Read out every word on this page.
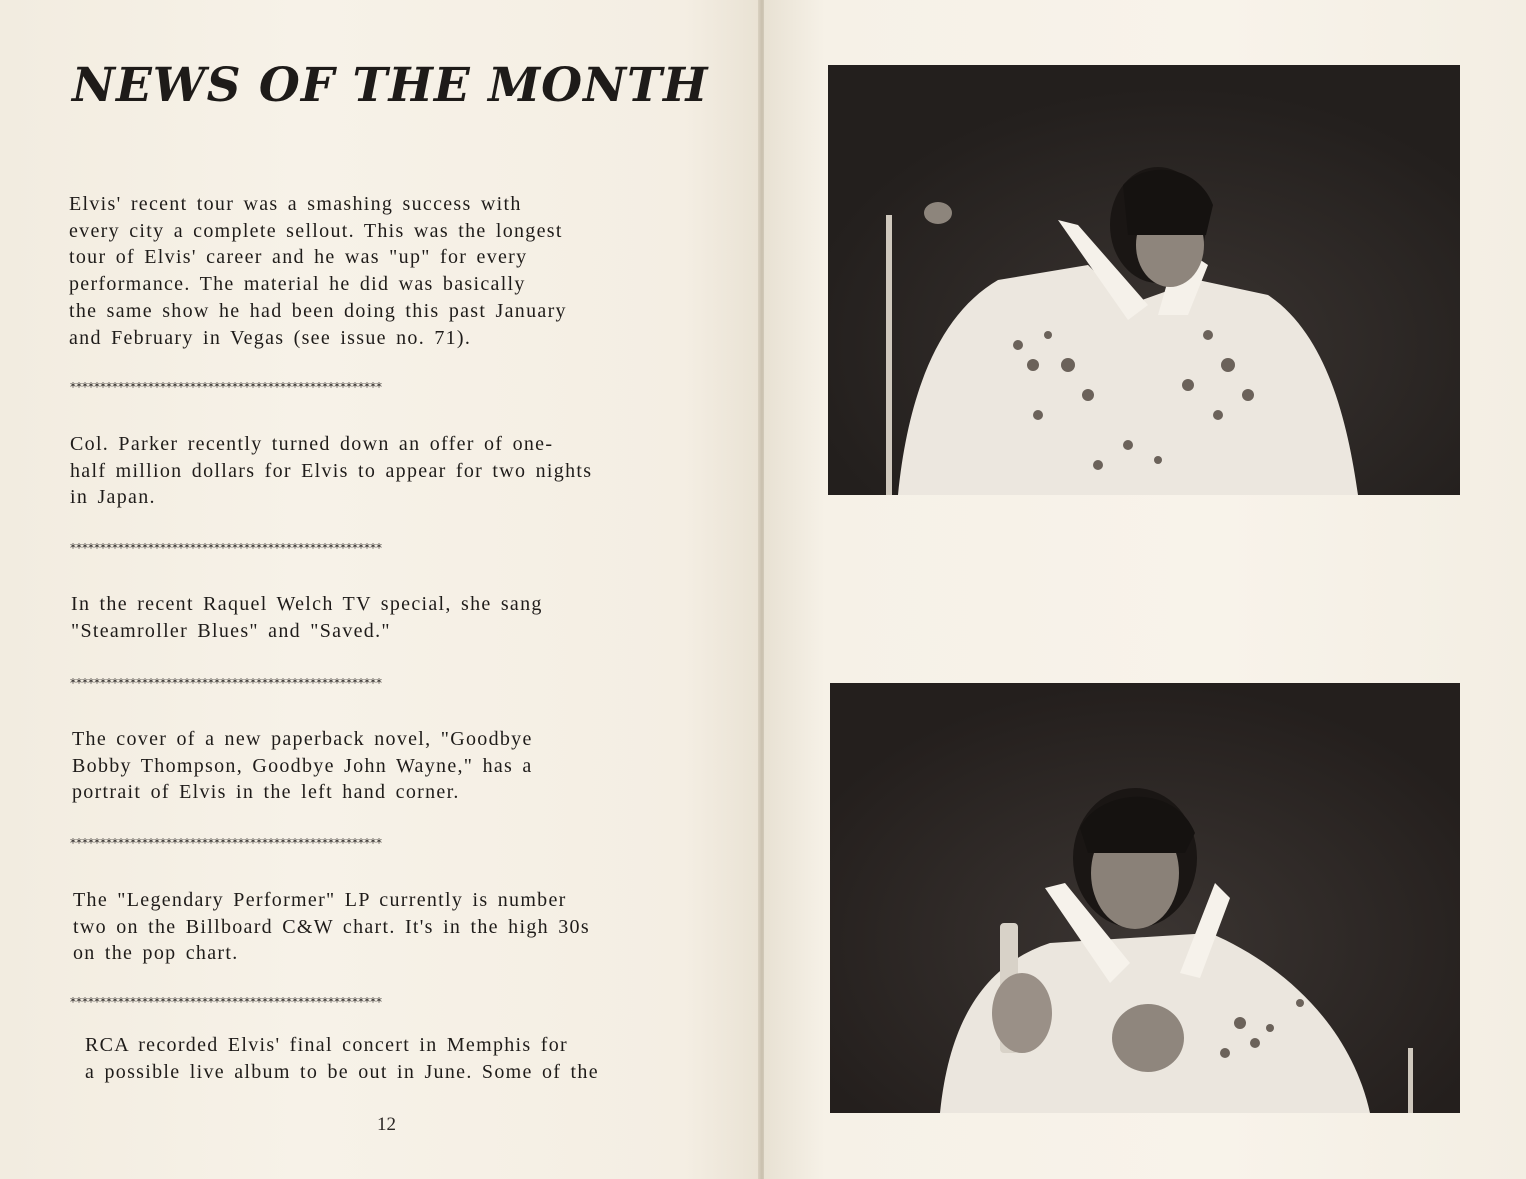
NEWS OF THE MONTH
Elvis' recent tour was a smashing success with
every city a complete sellout. This was the longest
tour of Elvis' career and he was "up" for every
performance. The material he did was basically
the same show he had been doing this past January
and February in Vegas (see issue no. 71).
****************************************************
Col. Parker recently turned down an offer of one-
half million dollars for Elvis to appear for two nights
in Japan.
****************************************************
In the recent Raquel Welch TV special, she sang
"Steamroller Blues" and "Saved."
****************************************************
The cover of a new paperback novel, "Goodbye
Bobby Thompson, Goodbye John Wayne," has a
portrait of Elvis in the left hand corner.
****************************************************
The "Legendary Performer" LP currently is number
two on the Billboard C&W chart. It's in the high 30s
on the pop chart.
****************************************************
RCA recorded Elvis' final concert in Memphis for
a possible live album to be out in June. Some of the
12
